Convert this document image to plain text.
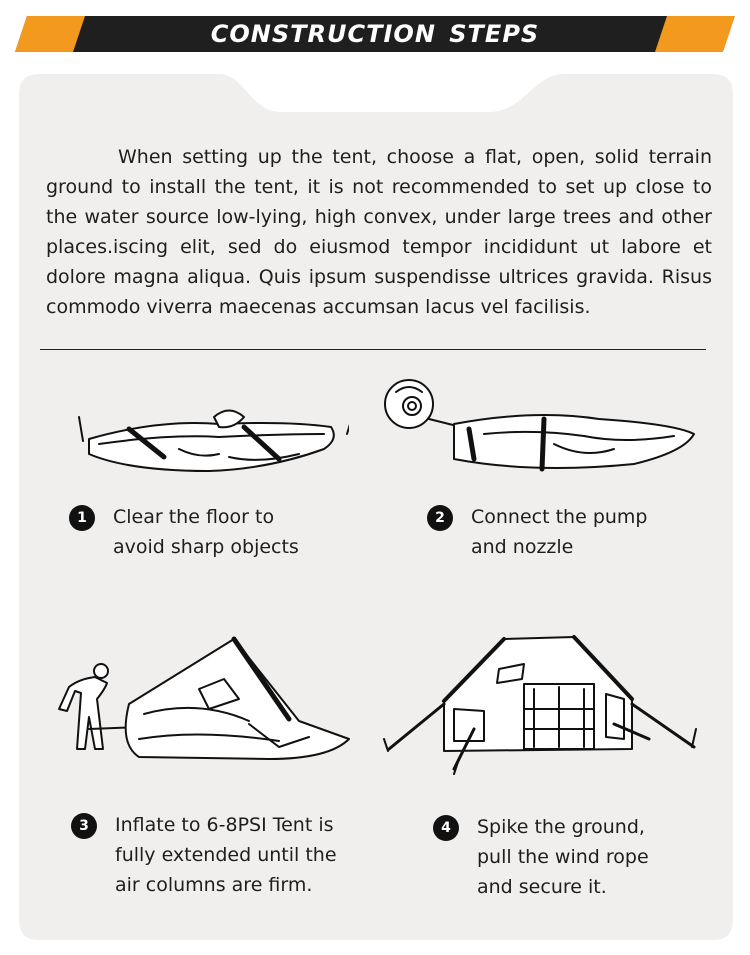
CONSTRUCTION STEPS

When setting up the tent, choose a flat, open, solid terrain ground to install the tent, it is not recommended to set up close to the water source low-lying, high convex, under large trees and other places.iscing elit, sed do eiusmod tempor incididunt ut labore et dolore magna aliqua. Quis ipsum suspendisse ultrices gravida. Risus commodo viverra maecenas accumsan lacus vel facilisis.

1	Clear the floor to
avoid sharp objects
2	Connect the pump
and nozzle
3	Inflate to 6-8PSI Tent is
fully extended until the
air columns are firm.
4	Spike the ground,
pull the wind rope
and secure it.
